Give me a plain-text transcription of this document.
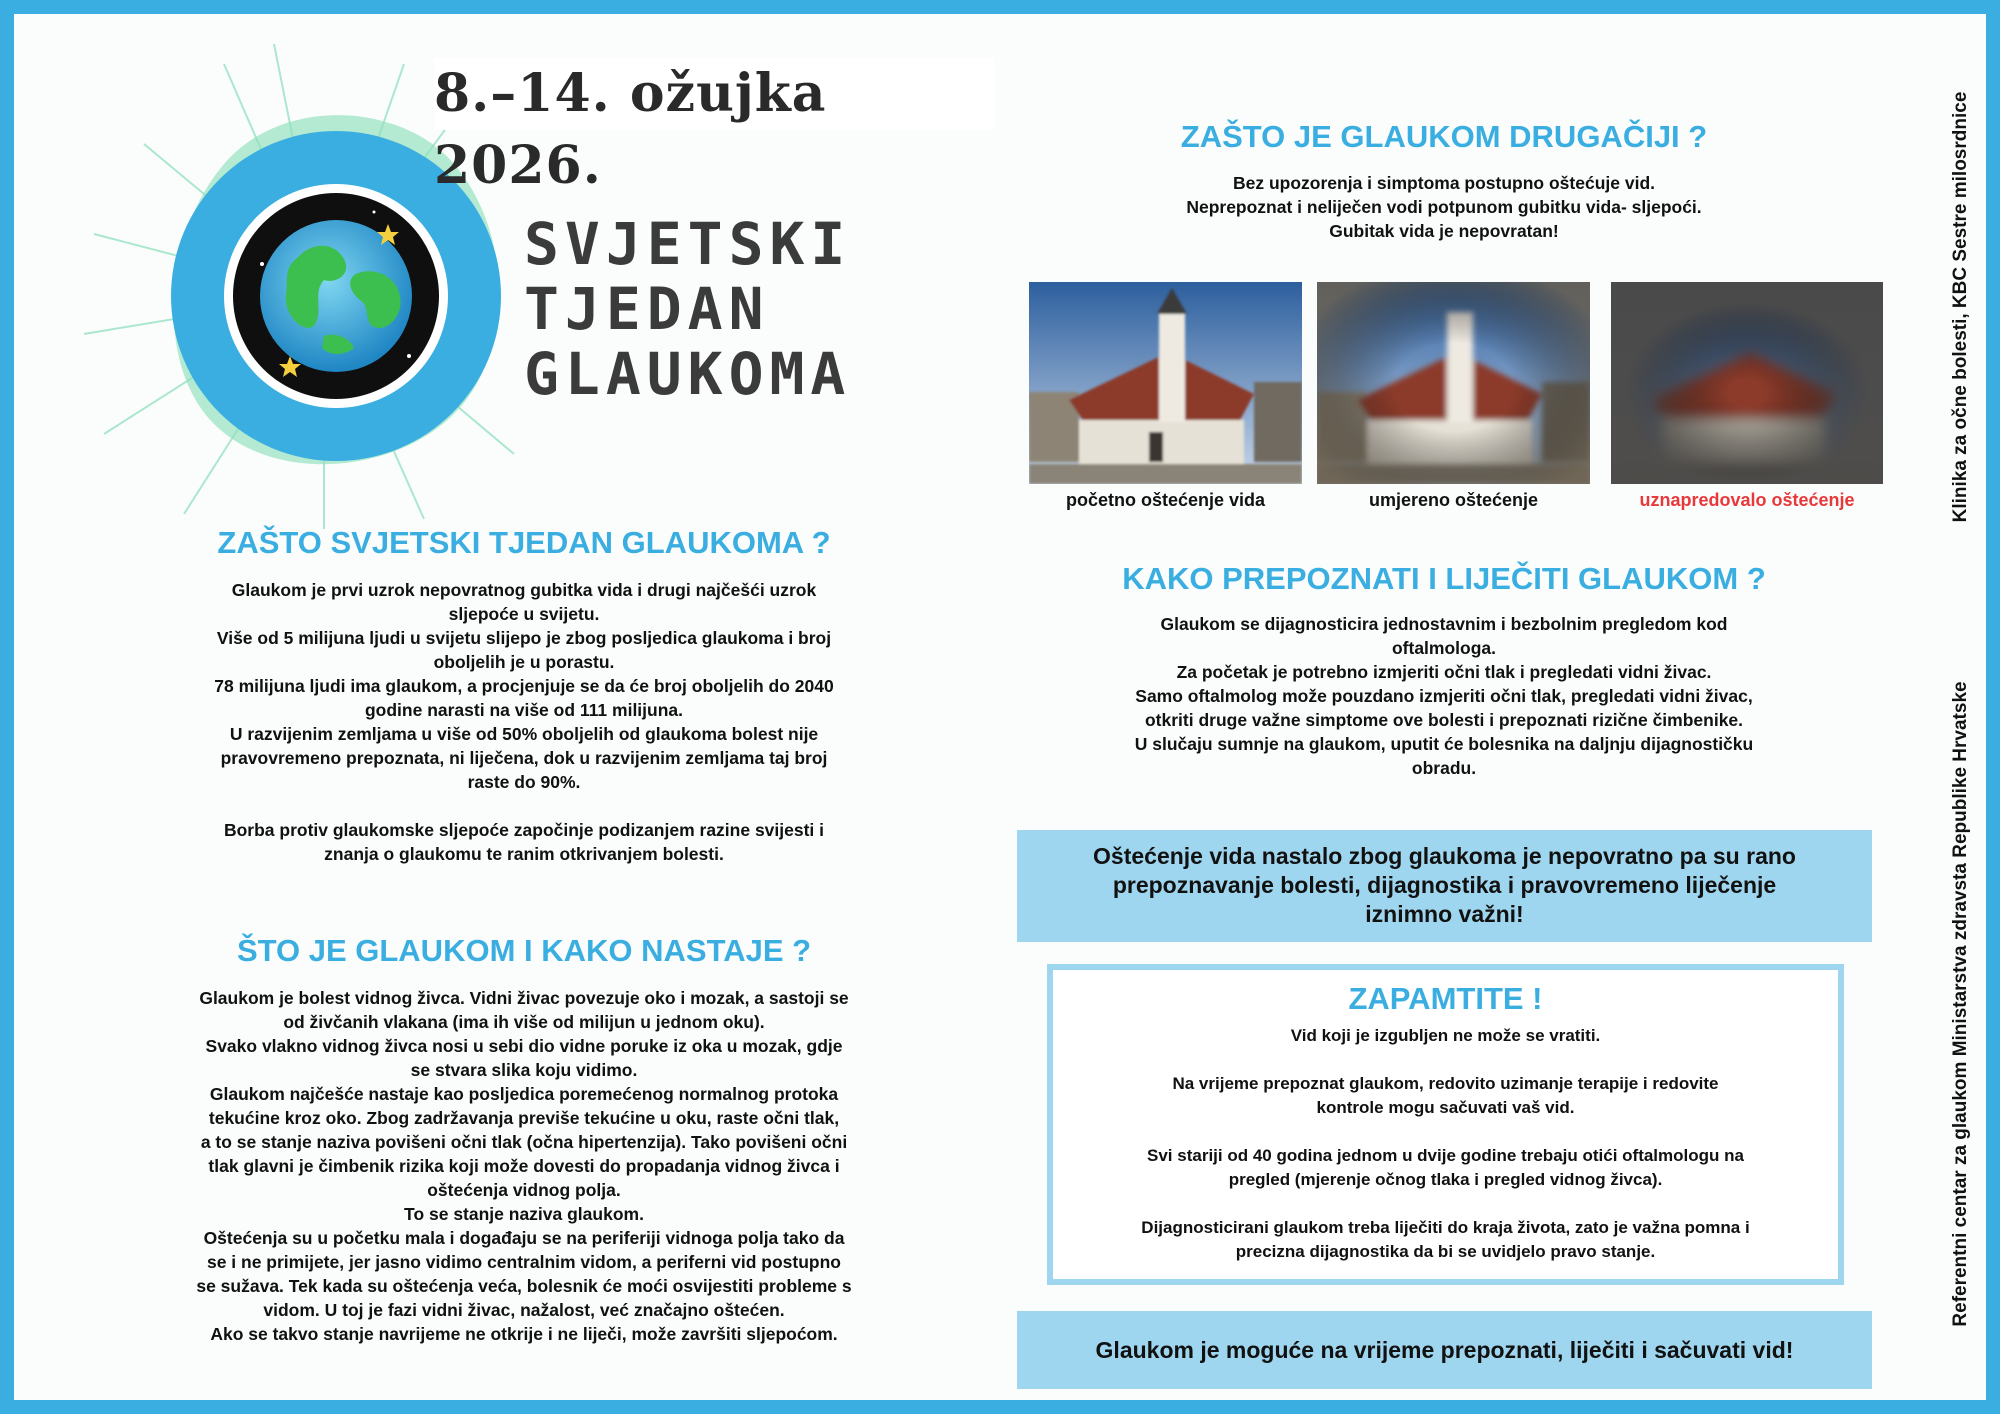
8.–14. ožujka 2026.
SVJETSKI
TJEDAN
GLAUKOMA
ZAŠTO SVJETSKI TJEDAN GLAUKOMA ?

Glaukom je prvi uzrok nepovratnog gubitka vida i drugi najčešći uzrok

sljepoće u svijetu.

Više od 5 milijuna ljudi u svijetu slijepo je zbog posljedica glaukoma i broj

oboljelih je u porastu.

78 milijuna ljudi ima glaukom, a procjenjuje se da će broj oboljelih do 2040

godine narasti na više od 111 milijuna.

U razvijenim zemljama u više od 50% oboljelih od glaukoma bolest nije

pravovremeno prepoznata, ni liječena, dok u razvijenim zemljama taj broj

raste do 90%.

Borba protiv glaukomske sljepoće započinje podizanjem razine svijesti i

znanja o glaukomu te ranim otkrivanjem bolesti.

ŠTO JE GLAUKOM I KAKO NASTAJE ?

Glaukom je bolest vidnog živca. Vidni živac povezuje oko i mozak, a sastoji se

od živčanih vlakana (ima ih više od milijun u jednom oku).

Svako vlakno vidnog živca nosi u sebi dio vidne poruke iz oka u mozak, gdje

se stvara slika koju vidimo.

Glaukom najčešće nastaje kao posljedica poremećenog normalnog protoka

tekućine kroz oko. Zbog zadržavanja previše tekućine u oku, raste očni tlak,

a to se stanje naziva povišeni očni tlak (očna hipertenzija). Tako povišeni očni

tlak glavni je čimbenik rizika koji može dovesti do propadanja vidnog živca i

oštećenja vidnog polja.

To se stanje naziva glaukom.

Oštećenja su u početku mala i događaju se na periferiji vidnoga polja tako da

se i ne primijete, jer jasno vidimo centralnim vidom, a periferni vid postupno

se sužava. Tek kada su oštećenja veća, bolesnik će moći osvijestiti probleme s

vidom. U toj je fazi vidni živac, nažalost, već značajno oštećen.

Ako se takvo stanje navrijeme ne otkrije i ne liječi, može završiti sljepoćom.

ZAŠTO JE GLAUKOM DRUGAČIJI ?

Bez upozorenja i simptoma postupno oštećuje vid.

Neprepoznat i neliječen vodi potpunom gubitku vida- sljepoći.

Gubitak vida je nepovratan!

početno oštećenje vida	umjereno oštećenje	uznapredovalo oštećenje
KAKO PREPOZNATI I LIJEČITI GLAUKOM ?

Glaukom se dijagnosticira jednostavnim i bezbolnim pregledom kod

oftalmologa.

Za početak je potrebno izmjeriti očni tlak i pregledati vidni živac.

Samo oftalmolog može pouzdano izmjeriti očni tlak, pregledati vidni živac,

otkriti druge važne simptome ove bolesti i prepoznati rizične čimbenike.

U slučaju sumnje na glaukom, uputit će bolesnika na daljnju dijagnostičku

obradu.

Oštećenje vida nastalo zbog glaukoma je nepovratno pa su rano
prepoznavanje bolesti, dijagnostika i pravovremeno liječenje
iznimno važni!
ZAPAMTITE !

Vid koji je izgubljen ne može se vratiti.

Na vrijeme prepoznat glaukom, redovito uzimanje terapije i redovite

kontrole mogu sačuvati vaš vid.

Svi stariji od 40 godina jednom u dvije godine trebaju otići oftalmologu na

pregled (mjerenje očnog tlaka i pregled vidnog živca).

Dijagnosticirani glaukom treba liječiti do kraja života, zato je važna pomna i

precizna dijagnostika da bi se uvidjelo pravo stanje.

Glaukom je moguće na vrijeme prepoznati, liječiti i sačuvati vid!
Klinika za očne bolesti, KBC Sestre milosrdnice
Referentni centar za glaukom Ministarstva zdravsta Republike Hrvatske
